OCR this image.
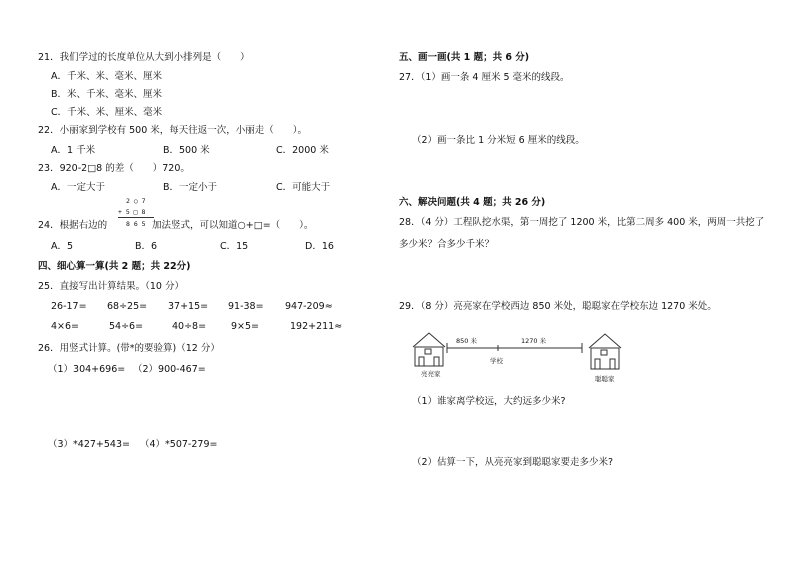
21．我们学过的长度单位从大到小排列是（　　）
A．千米、米、毫米、厘米
B．米、千米、毫米、厘米
C．千米、米、厘米、毫米
22．小丽家到学校有 500 米，每天往返一次，小丽走（　　）。
A．1 千米	B．500 米	C．2000 米
23．920-2□8 的差（　　）720。
A．一定大于	B．一定小于	C．可能大于
2 ○ 7
+ 5 □ 8
8 6 5
24．根据右边的	加法竖式，可以知道○+□=（　　）。
A．5	B．6	C．15	D．16
四、细心算一算(共 2 题；共 22分)
25．直接写出计算结果。（10 分）
26-17= 68÷25= 37+15= 91-38= 947-209≈
4×6=	54÷6=	40÷8=	9×5=	192+211≈
26．用竖式计算。(带*的要验算)（12 分）
（1）304+696= （2）900-467=
（3）*427+543= （4）*507-279=
五、画一画(共 1 题；共 6 分)
27．（1）画一条 4 厘米 5 毫米的线段。
（2）画一条比 1 分米短 6 厘米的线段。
六、解决问题(共 4 题；共 26 分)
28．（4 分）工程队挖水渠，第一周挖了 1200 米，比第二周多 400 米，两周一共挖了
多少米？合多少千米？
29．（8 分）亮亮家在学校西边 850 米处，聪聪家在学校东边 1270 米处。
850 米	1270 米
学校
亮亮家
聪聪家
（1）谁家离学校远，大约远多少米?
（2）估算一下，从亮亮家到聪聪家要走多少米?
